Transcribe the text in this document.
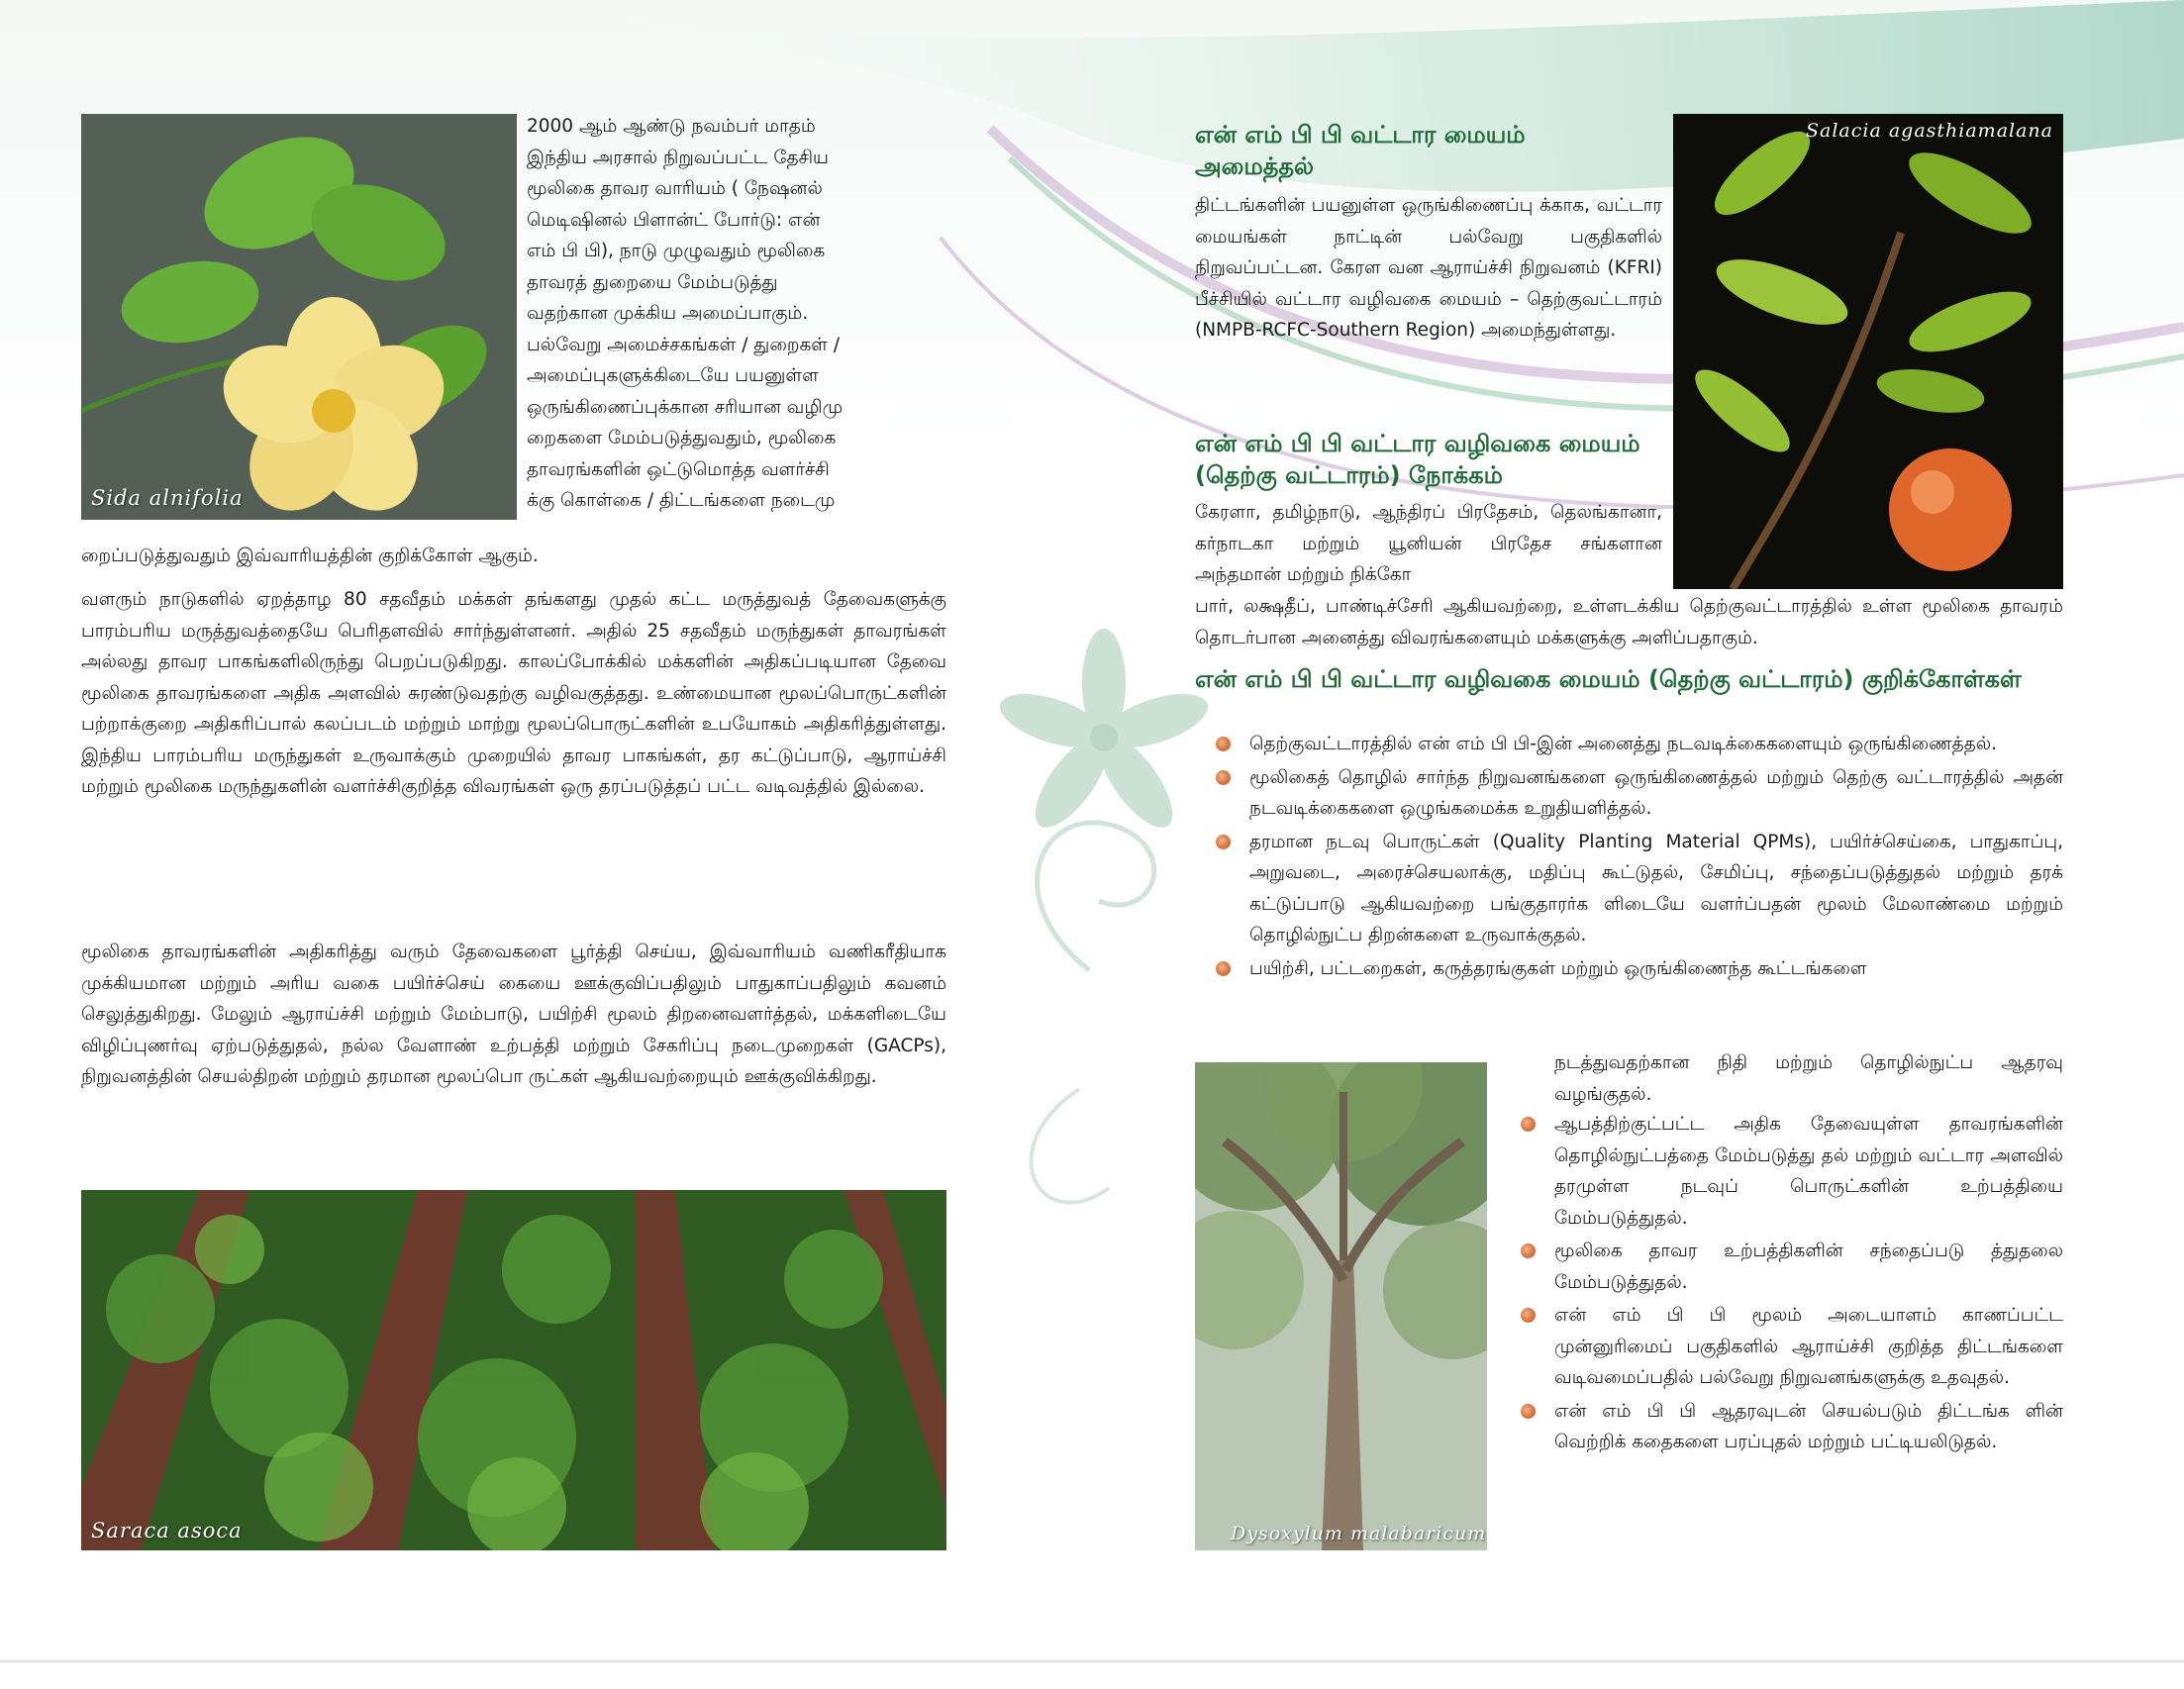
Sida alnifolia
2000 ஆம் ஆண்டு நவம்பர் மாதம்
இந்திய அரசால் நிறுவப்பட்ட தேசிய
மூலிகை தாவர வாரியம் ( நேஷனல்
மெடிஷினல் பிளான்ட் போர்டு: என்
எம் பி பி), நாடு முழுவதும் மூலிகை
தாவரத் துறையை மேம்படுத்து
வதற்கான முக்கிய அமைப்பாகும்.
பல்வேறு அமைச்சகங்கள் / துறைகள் /
அமைப்புகளுக்கிடையே பயனுள்ள
ஒருங்கிணைப்புக்கான சரியான வழிமு
றைகளை மேம்படுத்துவதும், மூலிகை
தாவரங்களின் ஒட்டுமொத்த வளர்ச்சி
க்கு கொள்கை / திட்டங்களை நடைமு
றைப்படுத்துவதும் இவ்வாரியத்தின் குறிக்கோள் ஆகும்.

வளரும் நாடுகளில் ஏறத்தாழ 80 சதவீதம் மக்கள் தங்களது முதல் கட்ட மருத்துவத் தேவைகளுக்கு பாரம்பரிய மருத்துவத்தையே பெரிதளவில் சார்ந்துள்ளனர். அதில் 25 சதவீதம் மருந்துகள் தாவரங்கள் அல்லது தாவர பாகங்களிலிருந்து பெறப்படுகிறது. காலப்போக்கில் மக்களின் அதிகப்படியான தேவை மூலிகை தாவரங்களை அதிக அளவில் சுரண்டுவதற்கு வழிவகுத்தது. உண்மையான மூலப்பொருட்களின் பற்றாக்குறை அதிகரிப்பால் கலப்படம் மற்றும் மாற்று மூலப்பொருட்களின் உபயோகம் அதிகரித்துள்ளது. இந்திய பாரம்பரிய மருந்துகள் உருவாக்கும் முறையில் தாவர பாகங்கள், தர கட்டுப்பாடு, ஆராய்ச்சி மற்றும் மூலிகை மருந்துகளின் வளர்ச்சிகுறித்த விவரங்கள் ஒரு தரப்படுத்தப் பட்ட வடிவத்தில் இல்லை.

மூலிகை தாவரங்களின் அதிகரித்து வரும் தேவைகளை பூர்த்தி செய்ய, இவ்வாரியம் வணிகரீதியாக முக்கியமான மற்றும் அரிய வகை பயிர்ச்செய் கையை ஊக்குவிப்பதிலும் பாதுகாப்பதிலும் கவனம் செலுத்துகிறது. மேலும் ஆராய்ச்சி மற்றும் மேம்பாடு, பயிற்சி மூலம் திறனைவளர்த்தல், மக்களிடையே விழிப்புணர்வு ஏற்படுத்துதல், நல்ல வேளாண் உற்பத்தி மற்றும் சேகரிப்பு நடைமுறைகள் (GACPs), நிறுவனத்தின் செயல்திறன் மற்றும் தரமான மூலப்பொ ருட்கள் ஆகியவற்றையும் ஊக்குவிக்கிறது.

Saraca asoca
என் எம் பி பி வட்டார மையம் அமைத்தல்

திட்டங்களின் பயனுள்ள ஒருங்கிணைப்பு க்காக, வட்டார மையங்கள் நாட்டின் பல்வேறு பகுதிகளில் நிறுவப்பட்டன. கேரள வன ஆராய்ச்சி நிறுவனம் (KFRI) பீச்சியில் வட்டார வழிவகை மையம் – தெற்குவட்டாரம் (NMPB-RCFC-Southern Region) அமைந்துள்ளது.

Salacia agasthiamalana
என் எம் பி பி வட்டார வழிவகை மையம் (தெற்கு வட்டாரம்) நோக்கம்

கேரளா, தமிழ்நாடு, ஆந்திரப் பிரதேசம், தெலங்கானா, கர்நாடகா மற்றும் யூனியன் பிரதேச சங்களான அந்தமான் மற்றும் நிக்கோ

பார், லக்ஷதீப், பாண்டிச்சேரி ஆகியவற்றை, உள்ளடக்கிய தெற்குவட்டாரத்தில் உள்ள மூலிகை தாவரம் தொடர்பான அனைத்து விவரங்களையும் மக்களுக்கு அளிப்பதாகும்.

என் எம் பி பி வட்டார வழிவகை மையம் (தெற்கு வட்டாரம்) குறிக்கோள்கள்
தெற்குவட்டாரத்தில் என் எம் பி பி-இன் அனைத்து நடவடிக்கைகளையும் ஒருங்கிணைத்தல்.
மூலிகைத் தொழில் சார்ந்த நிறுவனங்களை ஒருங்கிணைத்தல் மற்றும் தெற்கு வட்டாரத்தில் அதன் நடவடிக்கைகளை ஒழுங்கமைக்க உறுதியளித்தல்.
தரமான நடவு பொருட்கள் (Quality Planting Material QPMs), பயிர்ச்செய்கை, பாதுகாப்பு, அறுவடை, அரைச்செயலாக்கு, மதிப்பு கூட்டுதல், சேமிப்பு, சந்தைப்படுத்துதல் மற்றும் தரக் கட்டுப்பாடு ஆகியவற்றை பங்குதாரர்க ளிடையே வளர்ப்பதன் மூலம் மேலாண்மை மற்றும் தொழில்நுட்ப திறன்களை உருவாக்குதல்.
பயிற்சி, பட்டறைகள், கருத்தரங்குகள் மற்றும் ஒருங்கிணைந்த கூட்டங்களை
Dysoxylum malabaricum
நடத்துவதற்கான நிதி மற்றும் தொழில்நுட்ப ஆதரவு வழங்குதல்.
ஆபத்திற்குட்பட்ட அதிக தேவையுள்ள தாவரங்களின் தொழில்நுட்பத்தை மேம்படுத்து தல் மற்றும் வட்டார அளவில் தரமுள்ள நடவுப் பொருட்களின் உற்பத்தியை மேம்படுத்துதல்.
மூலிகை தாவர உற்பத்திகளின் சந்தைப்படு த்துதலை மேம்படுத்துதல்.
என் எம் பி பி மூலம் அடையாளம் காணப்பட்ட முன்னுரிமைப் பகுதிகளில் ஆராய்ச்சி குறித்த திட்டங்களை வடிவமைப்பதில் பல்வேறு நிறுவனங்களுக்கு உதவுதல்.
என் எம் பி பி ஆதரவுடன் செயல்படும் திட்டங்க ளின் வெற்றிக் கதைகளை பரப்புதல் மற்றும் பட்டியலிடுதல்.
